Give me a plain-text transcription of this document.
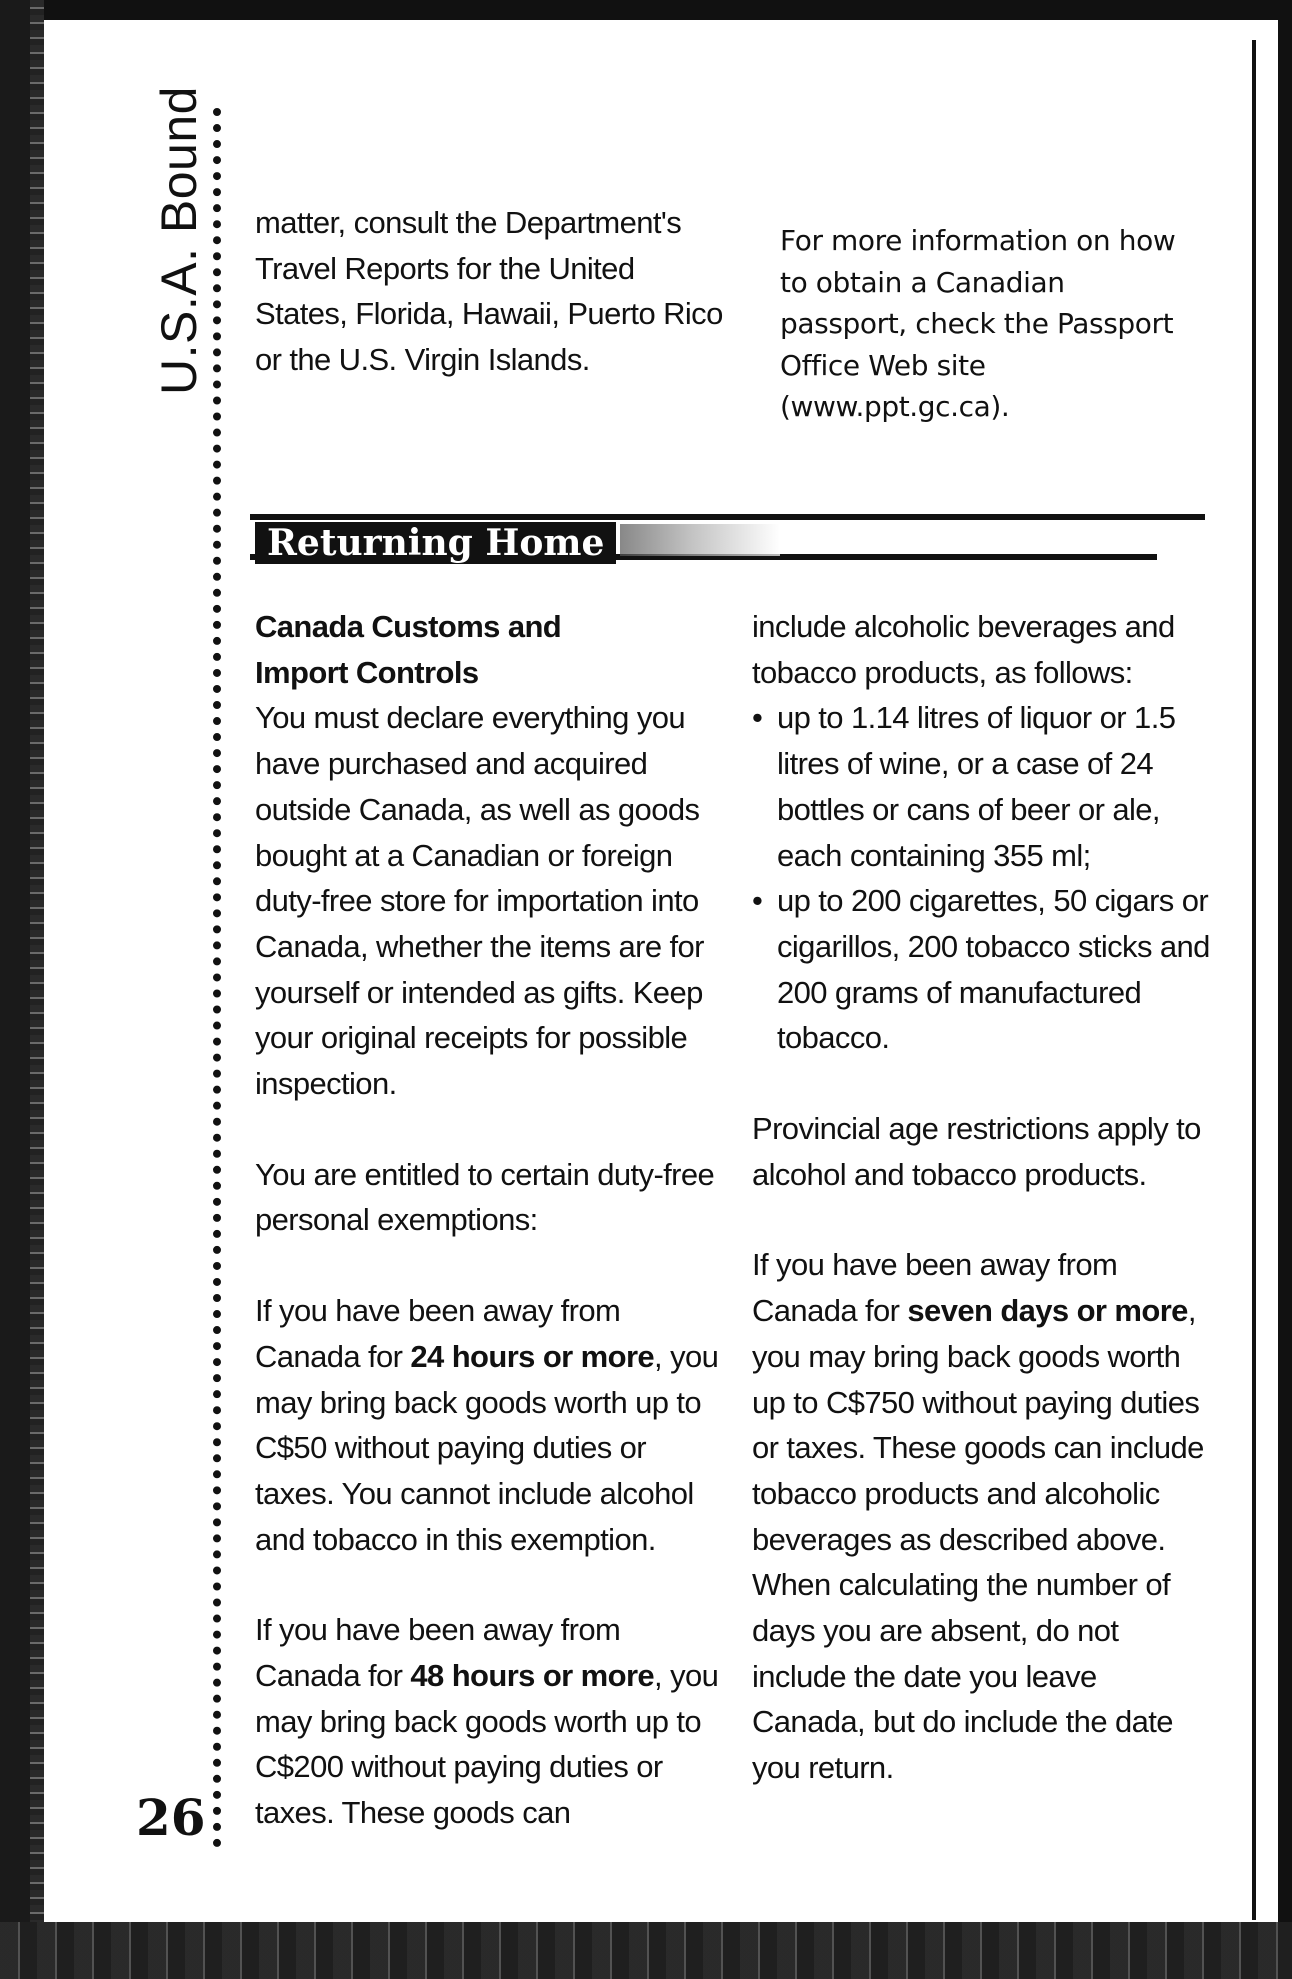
U.S.A. Bound
26

matter, consult the Department's Travel Reports for the United States, Florida, Hawaii, Puerto Rico or the U.S. Virgin Islands.

For more information on how to obtain a Canadian passport, check the Passport Office Web site (www.ppt.gc.ca).

Returning Home

Canada Customs and Import Controls

You must declare everything you have purchased and acquired outside Canada, as well as goods bought at a Canadian or foreign duty-free store for importation into Canada, whether the items are for yourself or intended as gifts. Keep your original receipts for possible inspection.

You are entitled to certain duty-free personal exemptions:

If you have been away from Canada for 24 hours or more, you may bring back goods worth up to C$50 without paying duties or taxes. You cannot include alcohol and tobacco in this exemption.

If you have been away from Canada for 48 hours or more, you may bring back goods worth up to C$200 without paying duties or taxes. These goods can

include alcoholic beverages and tobacco products, as follows:

• up to 1.14 litres of liquor or 1.5 litres of wine, or a case of 24 bottles or cans of beer or ale, each containing 355 ml;

• up to 200 cigarettes, 50 cigars or cigarillos, 200 tobacco sticks and 200 grams of manufactured tobacco.

Provincial age restrictions apply to alcohol and tobacco products.

If you have been away from Canada for seven days or more, you may bring back goods worth up to C$750 without paying duties or taxes. These goods can include tobacco products and alcoholic beverages as described above. When calculating the number of days you are absent, do not include the date you leave Canada, but do include the date you return.
